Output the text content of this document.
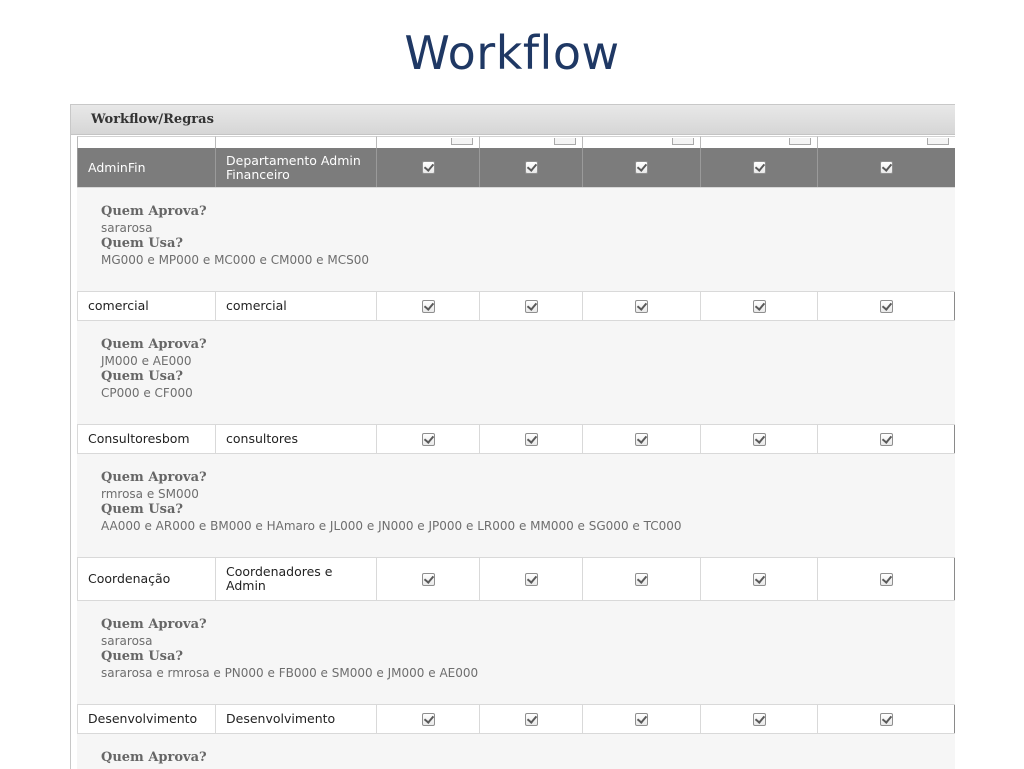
Workflow
Workflow/Regras
AdminFin	Departamento Admin Financeiro
Quem Aprova?
sararosa
Quem Usa?
MG000 e MP000 e MC000 e CM000 e MCS00
comercial	comercial
Quem Aprova?
JM000 e AE000
Quem Usa?
CP000 e CF000
Consultoresbom	consultores
Quem Aprova?
rmrosa e SM000
Quem Usa?
AA000 e AR000 e BM000 e HAmaro e JL000 e JN000 e JP000 e LR000 e MM000 e SG000 e TC000
Coordenação	Coordenadores e Admin
Quem Aprova?
sararosa
Quem Usa?
sararosa e rmrosa e PN000 e FB000 e SM000 e JM000 e AE000
Desenvolvimento	Desenvolvimento
Quem Aprova?
